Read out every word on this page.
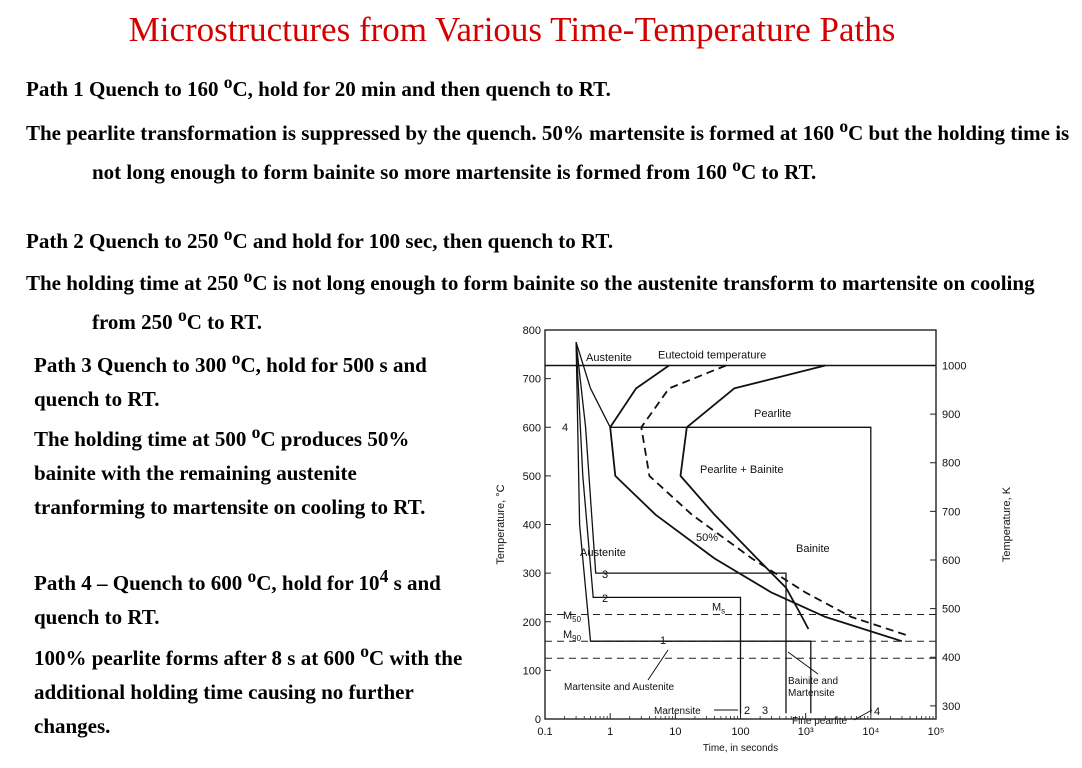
Microstructures from Various Time-Temperature Paths
Path 1 Quench to 160 $^o$C, hold for 20 min and then quench to RT.
The pearlite transformation is suppressed by the quench. 50% martensite is formed at 160 $^o$C but the holding time is not long enough to form bainite so more martensite is formed from 160 $^o$C to RT.
Path 2 Quench to 250 $^o$C and hold for 100 sec, then quench to RT.
The holding time at 250 $^o$C is not long enough to form bainite so the austenite transform to martensite on cooling from 250 $^o$C to RT.
Path 3 Quench to 300 $^o$C, hold for 500 s and quench to RT.
The holding time at 500 $^o$C produces 50% bainite with the remaining austenite tranforming to martensite on cooling to RT.
Path 4 – Quench to 600 $^o$C, hold for $10^4$ s and quench to RT.
100% pearlite forms after 8 s at 600 $^o$C with the additional holding time causing no further changes.	0
100
200
300
400
500
600
700
800
300
400
500
600
700
800
900
1000
0.1	1	10	100	10³	10⁴	10⁵
Temperature, °C	Temperature, K
Time, in seconds
Eutectoid temperature
Austenite
Pearlite
Pearlite + Bainite
Bainite
Austenite
50%
$M_s$
$M_{50}$
$M_{90}$
Martensite and Austenite
Bainite and
Martensite
Martensite
Fine pearlite
1
2
3
4
2 3	4
